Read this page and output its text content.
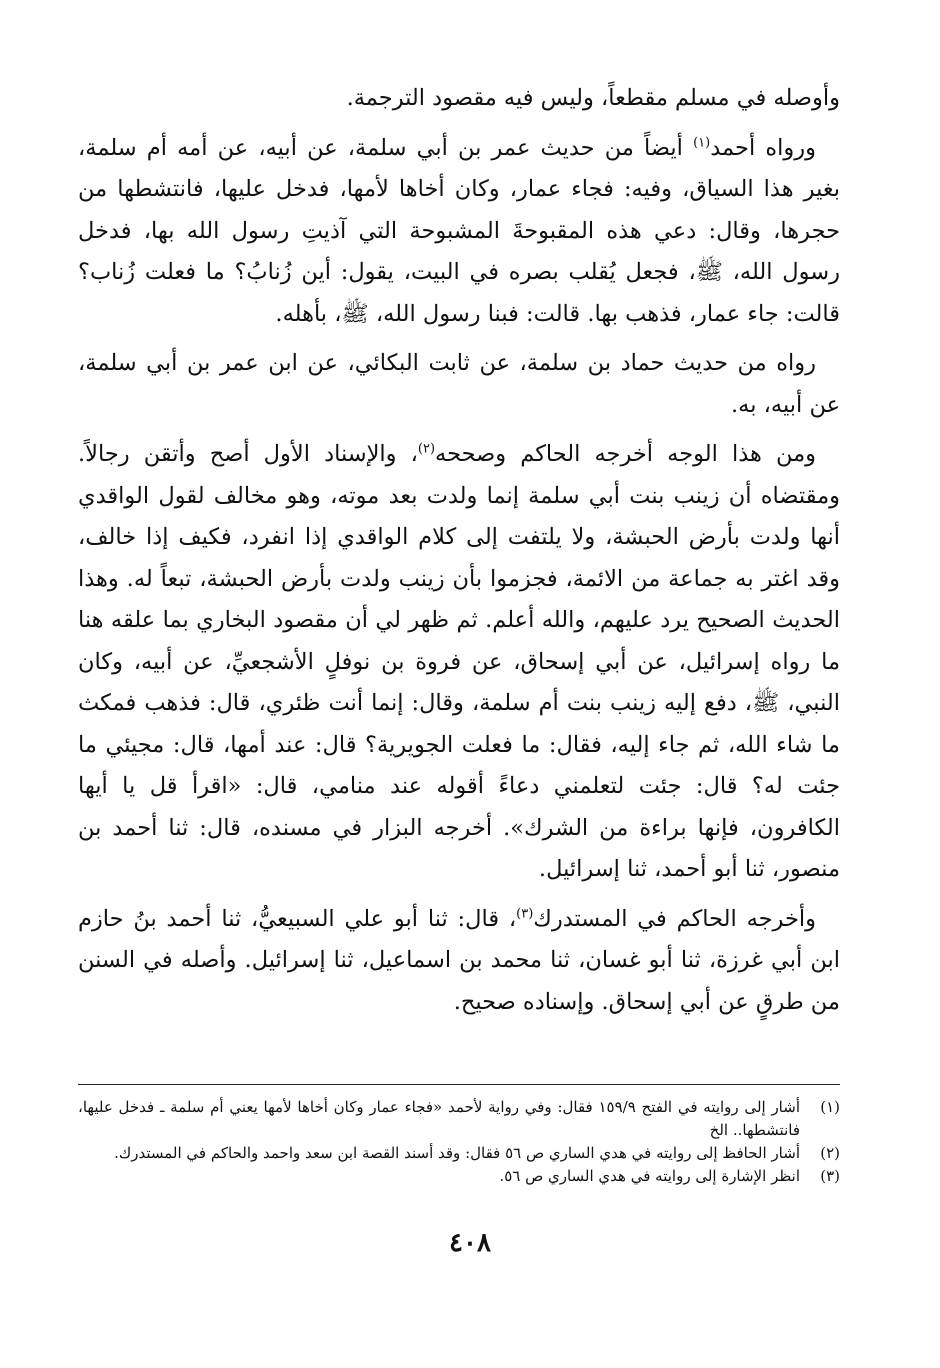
وأوصله في مسلم مقطعاً، وليس فيه مقصود الترجمة.

ورواه أحمد$^{(١)}$ أيضاً من حديث عمر بن أبي سلمة، عن أبيه، عن أمه أم سلمة، بغير هذا السياق، وفيه: فجاء عمار، وكان أخاها لأمها، فدخل عليها، فانتشطها من حجرها، وقال: دعي هذه المقبوحةَ المشبوحة التي آذيتِ رسول الله بها، فدخل رسول الله، ﷺ، فجعل يُقلب بصره في البيت، يقول: أين زُنابُ؟ ما فعلت زُناب؟ قالت: جاء عمار، فذهب بها. قالت: فبنا رسول الله، ﷺ، بأهله.

رواه من حديث حماد بن سلمة، عن ثابت البكائي، عن ابن عمر بن أبي سلمة، عن أبيه، به.

ومن هذا الوجه أخرجه الحاكم وصححه$^{(٢)}$، والإسناد الأول أصح وأتقن رجالاً. ومقتضاه أن زينب بنت أبي سلمة إنما ولدت بعد موته، وهو مخالف لقول الواقدي أنها ولدت بأرض الحبشة، ولا يلتفت إلى كلام الواقدي إذا انفرد، فكيف إذا خالف، وقد اغتر به جماعة من الائمة، فجزموا بأن زينب ولدت بأرض الحبشة، تبعاً له. وهذا الحديث الصحيح يرد عليهم، والله أعلم. ثم ظهر لي أن مقصود البخاري بما علقه هنا ما رواه إسرائيل، عن أبي إسحاق، عن فروة بن نوفلٍ الأشجعيِّ، عن أبيه، وكان النبي، ﷺ، دفع إليه زينب بنت أم سلمة، وقال: إنما أنت ظئري، قال: فذهب فمكث ما شاء الله، ثم جاء إليه، فقال: ما فعلت الجويرية؟ قال: عند أمها، قال: مجيئي ما جئت له؟ قال: جئت لتعلمني دعاءً أقوله عند منامي، قال: «اقرأ قل يا أيها الكافرون، فإنها براءة من الشرك». أخرجه البزار في مسنده، قال: ثنا أحمد بن منصور، ثنا أبو أحمد، ثنا إسرائيل.

وأخرجه الحاكم في المستدرك$^{(٣)}$، قال: ثنا أبو علي السبيعيُّ، ثنا أحمد بنُ حازم ابن أبي غرزة، ثنا أبو غسان، ثنا محمد بن اسماعيل، ثنا إسرائيل. وأصله في السنن من طرقٍ عن أبي إسحاق. وإسناده صحيح.

(١)
أشار إلى روايته في الفتح ١٥٩/٩ فقال: وفي رواية لأحمد «فجاء عمار وكان أخاها لأمها يعني أم سلمة ـ فدخل عليها، فانتشطها.. الخ
(٢)
أشار الحافظ إلى روايته في هدي الساري ص ٥٦ فقال: وقد أسند القصة ابن سعد واحمد والحاكم في المستدرك.
(٣)
انظر الإشارة إلى روايته في هدي الساري ص ٥٦.
٤٠٨
